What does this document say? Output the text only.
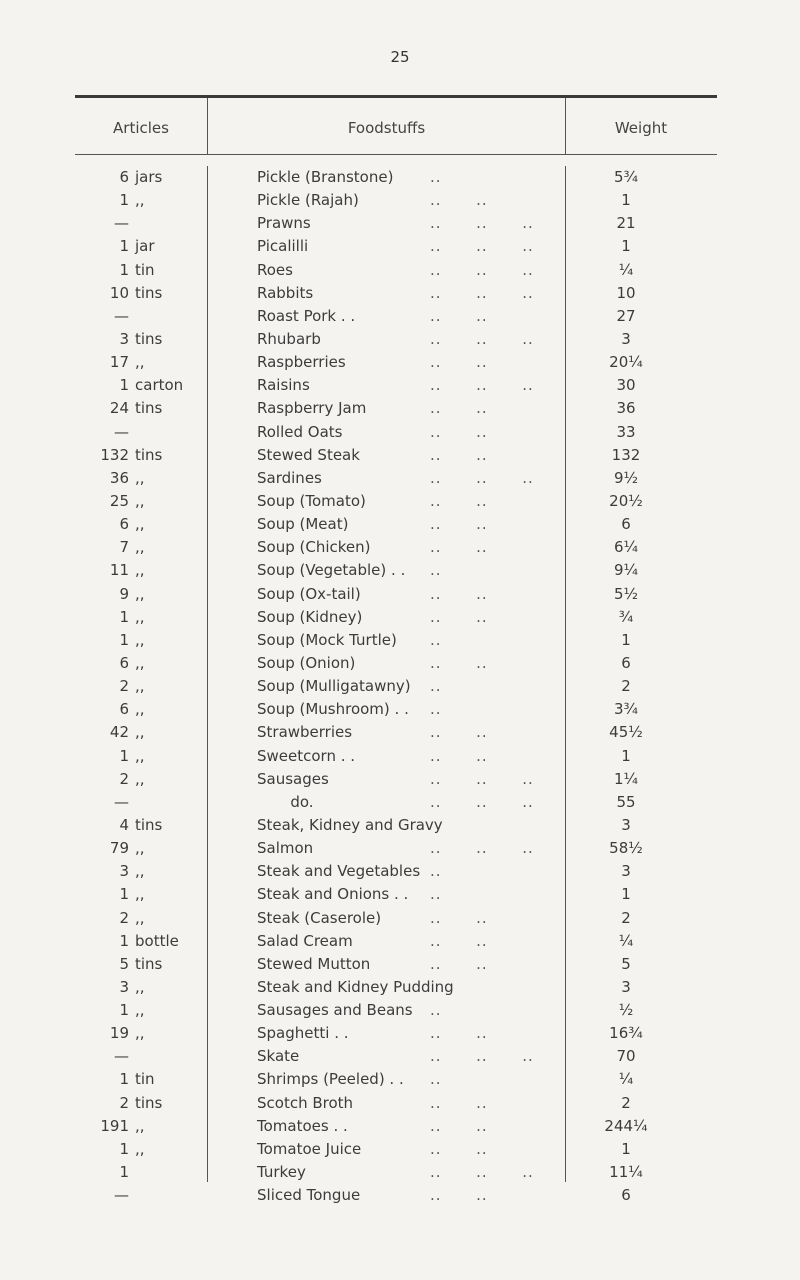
25
Articles	Foodstuffs	Weight
6 jars	Pickle (Branstone) ..	5¾
1 ,,	Pickle (Rajah)	..      ..	1
—	Prawns	..      ..      ..	21
1 jar	Picalilli	..      ..      ..	1
1 tin	Roes	..      ..      ..	¼
10 tins	Rabbits	..      ..      ..	10
—	Roast Pork . .	..      ..	27
3 tins	Rhubarb	..      ..      ..	3
17 ,,	Raspberries	..      ..	20¼
1 carton	Raisins	..      ..      ..	30
24 tins	Raspberry Jam	..      ..	36
—	Rolled Oats	..      ..	33
132 tins	Stewed Steak	..      ..	132
36 ,,	Sardines	..      ..      ..	9½
25 ,,	Soup (Tomato)	..      ..	20½
6 ,,	Soup (Meat)	..      ..	6
7 ,,	Soup (Chicken)	..      ..	6¼
11 ,,	Soup (Vegetable) . . ..	9¼
9 ,,	Soup (Ox-tail)	..      ..	5½
1 ,,	Soup (Kidney)	..      ..	¾
1 ,,	Soup (Mock Turtle) ..	1
6 ,,	Soup (Onion)	..      ..	6
2 ,,	Soup (Mulligatawny) ..	2
6 ,,	Soup (Mushroom) . . ..	3¾
42 ,,	Strawberries	..      ..	45½
1 ,,	Sweetcorn . .	..      ..	1
2 ,,	Sausages	..      ..      ..	1¼
—	do.	..      ..      ..	55
4 tins	Steak, Kidney and Gravy	3
79 ,,	Salmon	..      ..      ..	58½
3 ,,	Steak and Vegetables ..	3
1 ,,	Steak and Onions . . ..	1
2 ,,	Steak (Caserole)	..      ..	2
1 bottle	Salad Cream	..      ..	¼
5 tins	Stewed Mutton	..      ..	5
3 ,,	Steak and Kidney Pudding	3
1 ,,	Sausages and Beans ..	½
19 ,,	Spaghetti . .	..      ..	16¾
—	Skate	..      ..      ..	70
1 tin	Shrimps (Peeled) . . ..	¼
2 tins	Scotch Broth	..      ..	2
191 ,,	Tomatoes . .	..      ..	244¼
1 ,,	Tomatoe Juice	..      ..	1
1	Turkey	..      ..      ..	11¼
—	Sliced Tongue	..      ..	6
